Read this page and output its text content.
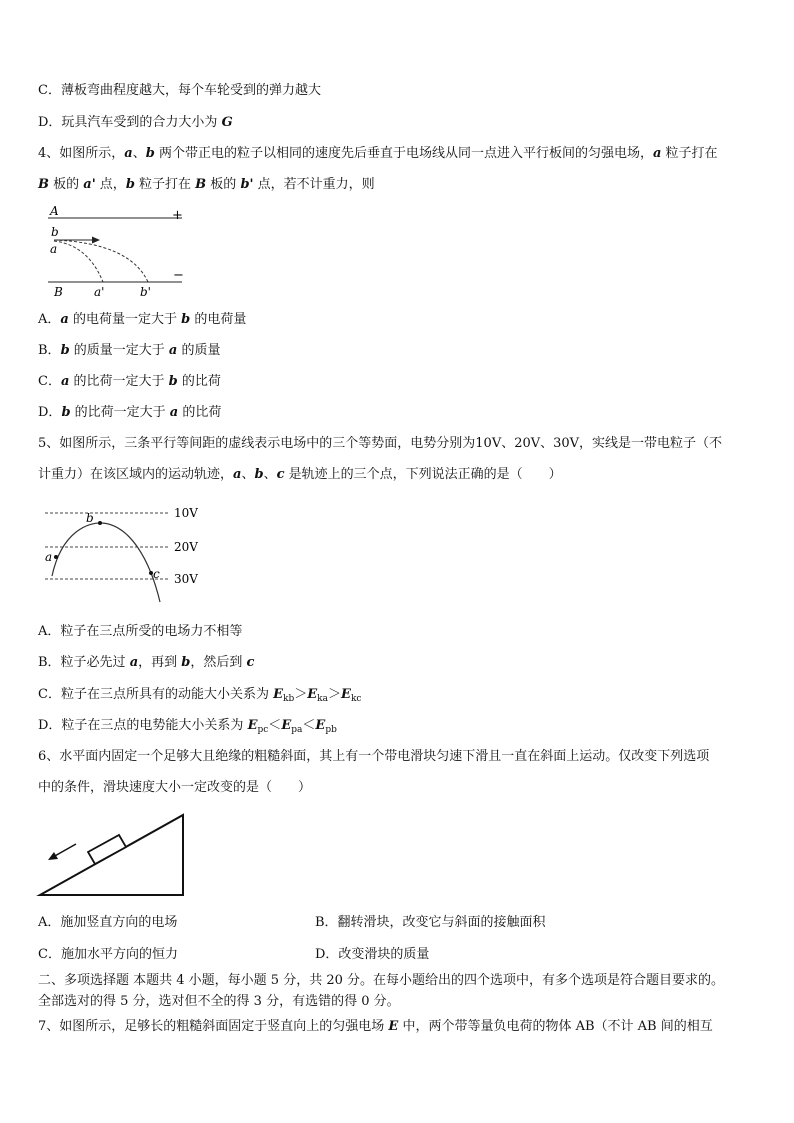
C．薄板弯曲程度越大，每个车轮受到的弹力越大
D．玩具汽车受到的合力大小为 G
4、如图所示，a、b 两个带正电的粒子以相同的速度先后垂直于电场线从同一点进入平行板间的匀强电场，a 粒子打在
B 板的 a' 点，b 粒子打在 B 板的 b' 点，若不计重力，则
A	+
b
a
−
B	a'	b'
A．a 的电荷量一定大于 b 的电荷量
B．b 的质量一定大于 a 的质量
C．a 的比荷一定大于 b 的比荷
D．b 的比荷一定大于 a 的比荷
5、如图所示，三条平行等间距的虚线表示电场中的三个等势面，电势分别为10V、20V、30V，实线是一带电粒子（不
计重力）在该区域内的运动轨迹，a、b、c 是轨迹上的三个点，下列说法正确的是（　　）
10V
20V
30V
a
b
c
A．粒子在三点所受的电场力不相等
B．粒子必先过 a，再到 b，然后到 c
C．粒子在三点所具有的动能大小关系为 $E_{kb}>E_{ka}>E_{kc}$
D．粒子在三点的电势能大小关系为 $E_{pc}<E_{pa}<E_{pb}$
6、水平面内固定一个足够大且绝缘的粗糙斜面，其上有一个带电滑块匀速下滑且一直在斜面上运动。仅改变下列选项
中的条件，滑块速度大小一定改变的是（　　）
A．施加竖直方向的电场	B．翻转滑块，改变它与斜面的接触面积
C．施加水平方向的恒力	D．改变滑块的质量
二、多项选择题 本题共 4 小题，每小题 5 分，共 20 分。在每小题给出的四个选项中，有多个选项是符合题目要求的。
全部选对的得 5 分，选对但不全的得 3 分，有选错的得 0 分。
7、如图所示，足够长的粗糙斜面固定于竖直向上的匀强电场 E 中，两个带等量负电荷的物体 AB（不计 AB 间的相互
